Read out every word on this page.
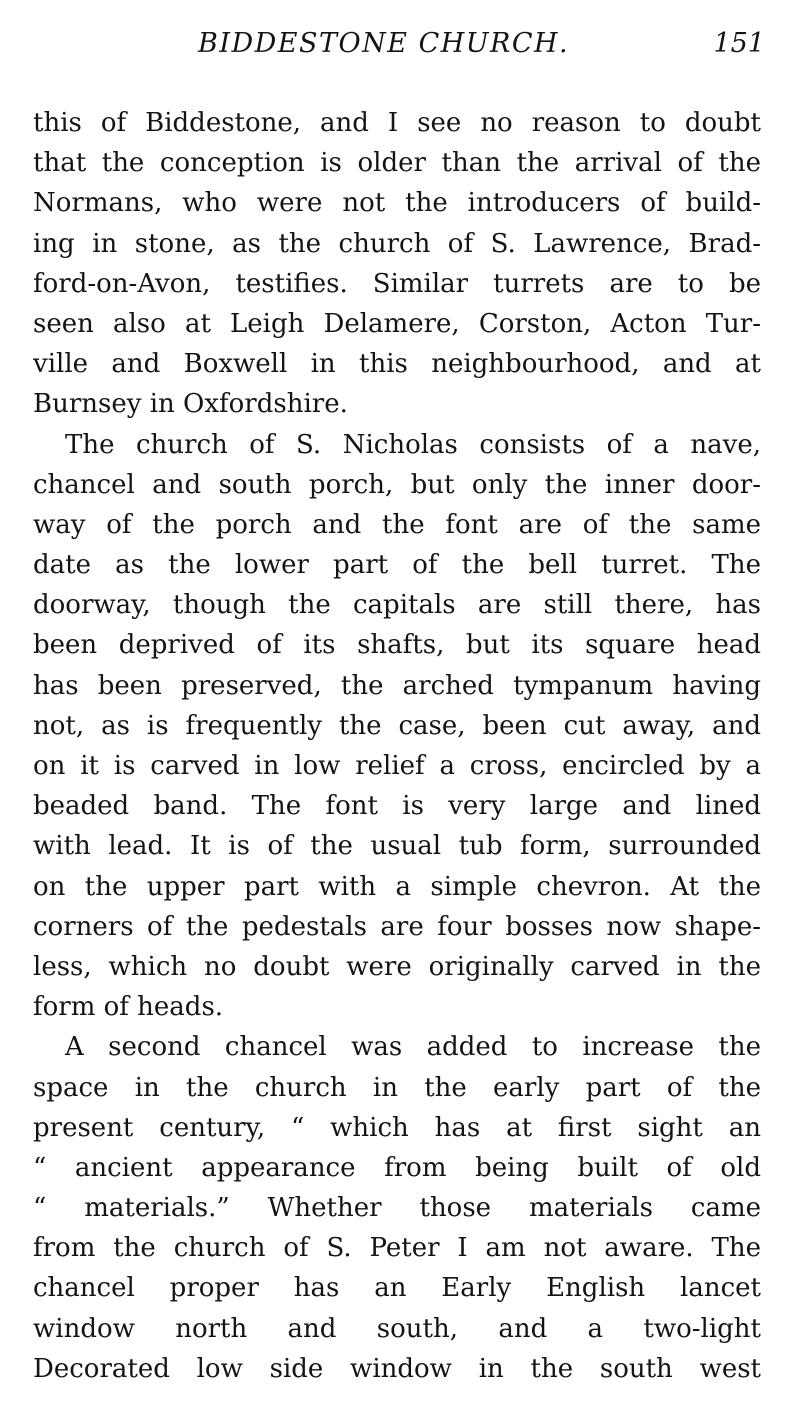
BIDDESTONE CHURCH.	151
this of Biddestone, and I see no reason to doubt
that the conception is older than the arrival of the
Normans, who were not the introducers of build-
ing in stone, as the church of S. Lawrence, Brad-
ford-on-Avon, testifies. Similar turrets are to be
seen also at Leigh Delamere, Corston, Acton Tur-
ville and Boxwell in this neighbourhood, and at
Burnsey in Oxfordshire.
The church of S. Nicholas consists of a nave,
chancel and south porch, but only the inner door-
way of the porch and the font are of the same
date as the lower part of the bell turret. The
doorway, though the capitals are still there, has
been deprived of its shafts, but its square head
has been preserved, the arched tympanum having
not, as is frequently the case, been cut away, and
on it is carved in low relief a cross, encircled by a
beaded band. The font is very large and lined
with lead. It is of the usual tub form, surrounded
on the upper part with a simple chevron. At the
corners of the pedestals are four bosses now shape-
less, which no doubt were originally carved in the
form of heads.
A second chancel was added to increase the
space in the church in the early part of the
present century, “ which has at first sight an
“ ancient appearance from being built of old
“ materials.” Whether those materials came
from the church of S. Peter I am not aware. The
chancel proper has an Early English lancet
window north and south, and a two-light
Decorated low side window in the south west
